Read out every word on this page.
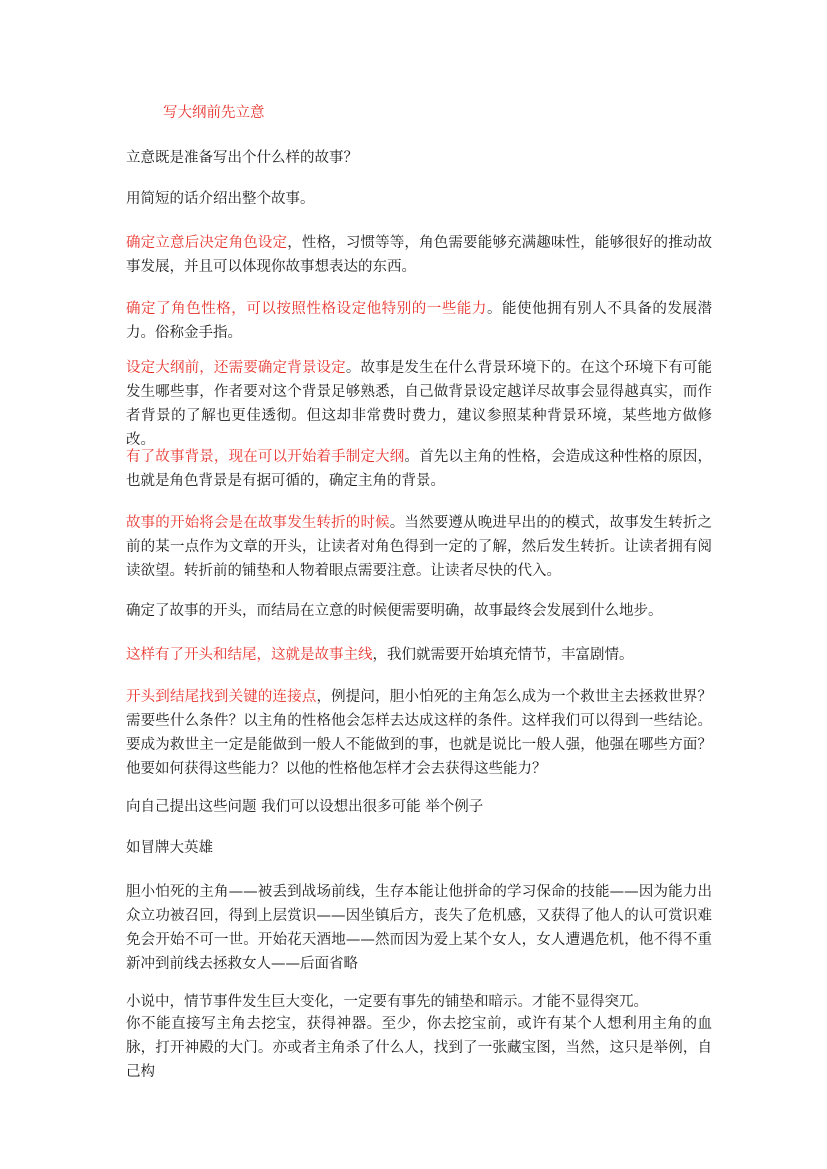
写大纲前先立意

立意既是准备写出个什么样的故事？

用简短的话介绍出整个故事。

确定立意后决定角色设定，性格，习惯等等，角色需要能够充满趣味性，能够很好的推动故事发展，并且可以体现你故事想表达的东西。

确定了角色性格，可以按照性格设定他特别的一些能力。能使他拥有别人不具备的发展潜力。俗称金手指。

设定大纲前，还需要确定背景设定。故事是发生在什么背景环境下的。在这个环境下有可能发生哪些事，作者要对这个背景足够熟悉，自己做背景设定越详尽故事会显得越真实，而作者背景的了解也更佳透彻。但这却非常费时费力，建议参照某种背景环境，某些地方做修改。

有了故事背景，现在可以开始着手制定大纲。首先以主角的性格，会造成这种性格的原因，也就是角色背景是有据可循的，确定主角的背景。

故事的开始将会是在故事发生转折的时候。当然要遵从晚进早出的的模式，故事发生转折之前的某一点作为文章的开头，让读者对角色得到一定的了解，然后发生转折。让读者拥有阅读欲望。转折前的铺垫和人物着眼点需要注意。让读者尽快的代入。

确定了故事的开头，而结局在立意的时候便需要明确，故事最终会发展到什么地步。

这样有了开头和结尾，这就是故事主线，我们就需要开始填充情节，丰富剧情。

开头到结尾找到关键的连接点，例提问，胆小怕死的主角怎么成为一个救世主去拯救世界？需要些什么条件？以主角的性格他会怎样去达成这样的条件。这样我们可以得到一些结论。要成为救世主一定是能做到一般人不能做到的事，也就是说比一般人强，他强在哪些方面？他要如何获得这些能力？以他的性格他怎样才会去获得这些能力？

向自己提出这些问题 我们可以设想出很多可能 举个例子

如冒牌大英雄

胆小怕死的主角——被丢到战场前线，生存本能让他拼命的学习保命的技能——因为能力出众立功被召回，得到上层赏识——因坐镇后方，丧失了危机感，又获得了他人的认可赏识难免会开始不可一世。开始花天酒地——然而因为爱上某个女人，女人遭遇危机，他不得不重新冲到前线去拯救女人——后面省略

小说中，情节事件发生巨大变化，一定要有事先的铺垫和暗示。才能不显得突兀。

你不能直接写主角去挖宝，获得神器。至少，你去挖宝前，或许有某个人想利用主角的血脉，打开神殿的大门。亦或者主角杀了什么人，找到了一张藏宝图，当然，这只是举例，自己构
